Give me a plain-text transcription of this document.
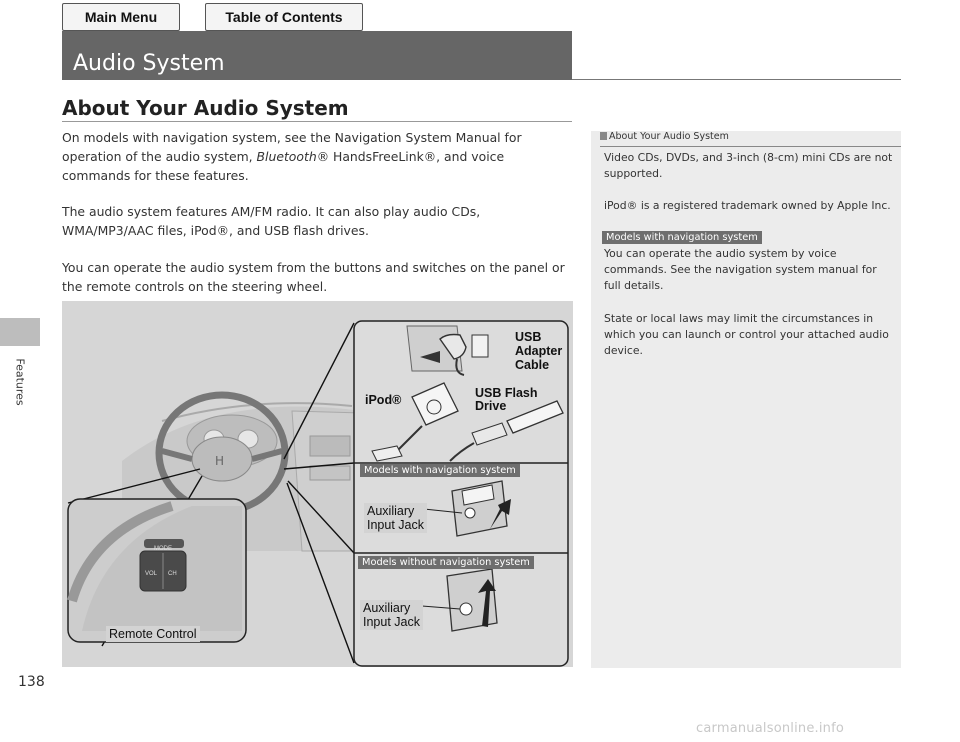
Main Menu	Table of Contents
Features
Audio System
About Your Audio System

On models with navigation system, see the Navigation System Manual for operation of the audio system, Bluetooth® HandsFreeLink®, and voice commands for these features.

The audio system features AM/FM radio. It can also play audio CDs, WMA/MP3/AAC files, iPod®, and USB flash drives.

You can operate the audio system from the buttons and switches on the panel or the remote controls on the steering wheel.

About Your Audio System

Video CDs, DVDs, and 3-inch (8-cm) mini CDs are not supported.

iPod® is a registered trademark owned by Apple Inc.

Models with navigation system

You can operate the audio system by voice commands. See the navigation system manual for full details.

State or local laws may limit the circumstances in which you can launch or control your attached audio device.

H
USB
Adapter
Cable
iPod®	USB Flash
Drive
Models with navigation system
Auxiliary
Input Jack
Models without navigation system
Auxiliary
Input Jack
Remote Control
MODE
VOL CH
138
carmanualsonline.info
